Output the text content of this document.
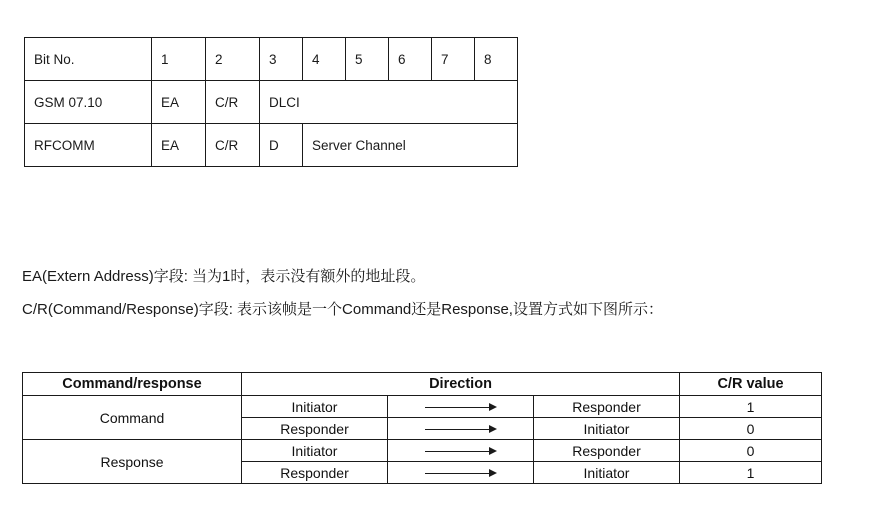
Bit No.	1	2	3	4	5	6	7	8
GSM 07.10	EA	C/R	DLCI					
RFCOMM	EA	C/R	D	Server Channel				
EA(Extern Address)字段: 当为1时，表示没有额外的地址段。
C/R(Command/Response)字段: 表示该帧是一个Command还是Response,设置方式如下图所示：
Command/response	Direction			C/R value
Command	Initiator		Responder	1
	Responder		Initiator	0
Response	Initiator		Responder	0
	Responder		Initiator	1
